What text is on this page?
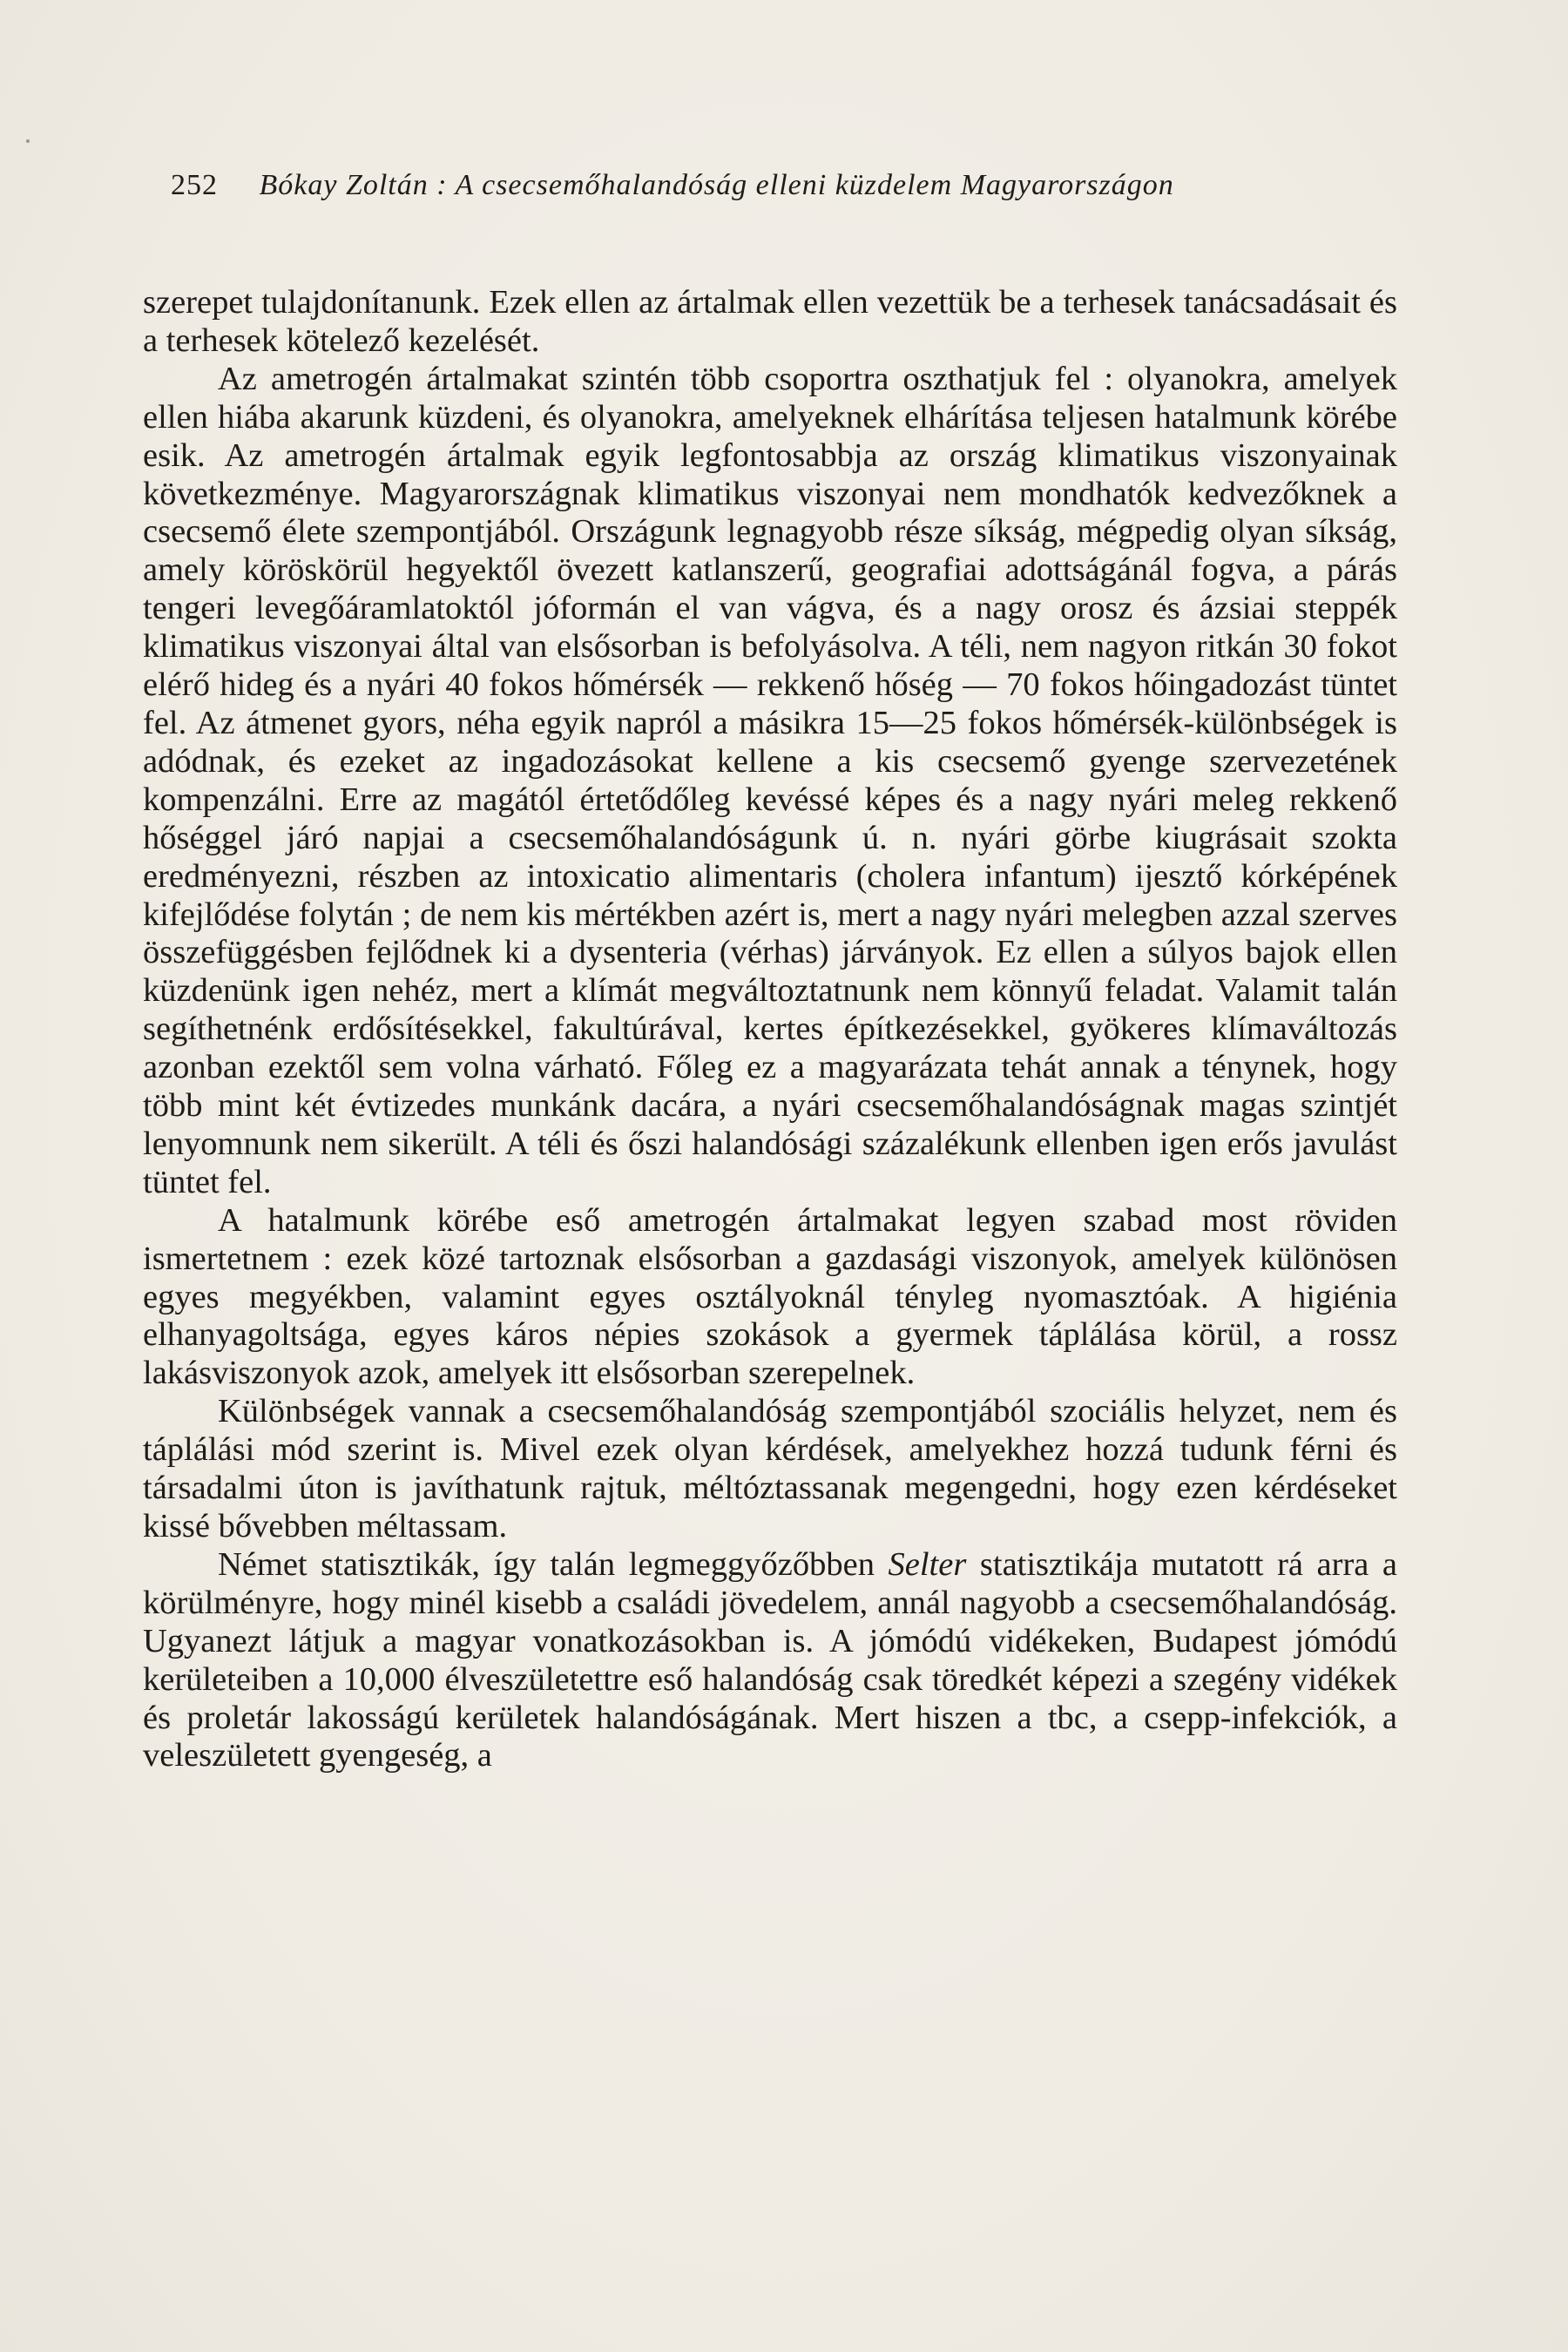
252 Bókay Zoltán : A csecsemőhalandóság elleni küzdelem Magyarországon

szerepet tulajdonítanunk. Ezek ellen az ártalmak ellen vezettük be a terhesek tanácsadásait és a terhesek kötelező kezelését.

Az ametrogén ártalmakat szintén több csoportra oszthatjuk fel : olyanokra, amelyek ellen hiába akarunk küzdeni, és olyanokra, amelyeknek elhárítása teljesen hatalmunk körébe esik. Az ametrogén ártalmak egyik legfontosabbja az ország klimatikus viszonyainak következménye. Magyarországnak klimatikus viszonyai nem mondhatók kedvezőknek a csecsemő élete szempontjából. Országunk legnagyobb része síkság, mégpedig olyan síkság, amely köröskörül hegyektől övezett katlanszerű, geografiai adottságánál fogva, a párás tengeri levegőáramlatoktól jóformán el van vágva, és a nagy orosz és ázsiai steppék klimatikus viszonyai által van elsősorban is befolyásolva. A téli, nem nagyon ritkán 30 fokot elérő hideg és a nyári 40 fokos hőmérsék — rekkenő hőség — 70 fokos hőingadozást tüntet fel. Az átmenet gyors, néha egyik napról a másikra 15—25 fokos hőmérsék-különbségek is adódnak, és ezeket az ingadozásokat kellene a kis csecsemő gyenge szervezetének kompenzálni. Erre az magától értetődőleg kevéssé képes és a nagy nyári meleg rekkenő hőséggel járó napjai a csecsemőhalandóságunk ú. n. nyári görbe kiugrásait szokta eredményezni, részben az intoxicatio alimentaris (cholera infantum) ijesztő kórképének kifejlődése folytán ; de nem kis mértékben azért is, mert a nagy nyári melegben azzal szerves összefüggésben fejlődnek ki a dysenteria (vérhas) járványok. Ez ellen a súlyos bajok ellen küzdenünk igen nehéz, mert a klímát megváltoztatnunk nem könnyű feladat. Valamit talán segíthetnénk erdősítésekkel, fakultúrával, kertes építkezésekkel, gyökeres klímaváltozás azonban ezektől sem volna várható. Főleg ez a magyarázata tehát annak a ténynek, hogy több mint két évtizedes munkánk dacára, a nyári csecsemőhalandóságnak magas szintjét lenyomnunk nem sikerült. A téli és őszi halandósági százalékunk ellenben igen erős javulást tüntet fel.

A hatalmunk körébe eső ametrogén ártalmakat legyen szabad most röviden ismertetnem : ezek közé tartoznak elsősorban a gazdasági viszonyok, amelyek különösen egyes megyékben, valamint egyes osztályoknál tényleg nyomasztóak. A higiénia elhanyagoltsága, egyes káros népies szokások a gyermek táplálása körül, a rossz lakásviszonyok azok, amelyek itt elsősorban szerepelnek.

Különbségek vannak a csecsemőhalandóság szempontjából szociális helyzet, nem és táplálási mód szerint is. Mivel ezek olyan kérdések, amelyekhez hozzá tudunk férni és társadalmi úton is javíthatunk rajtuk, méltóztassanak megengedni, hogy ezen kérdéseket kissé bővebben méltassam.

Német statisztikák, így talán legmeggyőzőbben Selter statisztikája mutatott rá arra a körülményre, hogy minél kisebb a családi jövedelem, annál nagyobb a csecsemőhalandóság. Ugyanezt látjuk a magyar vonatkozásokban is. A jómódú vidékeken, Budapest jómódú kerületeiben a 10,000 élveszületettre eső halandóság csak töredkét képezi a szegény vidékek és proletár lakosságú kerületek halandóságának. Mert hiszen a tbc, a csepp-infekciók, a veleszületett gyengeség, a
